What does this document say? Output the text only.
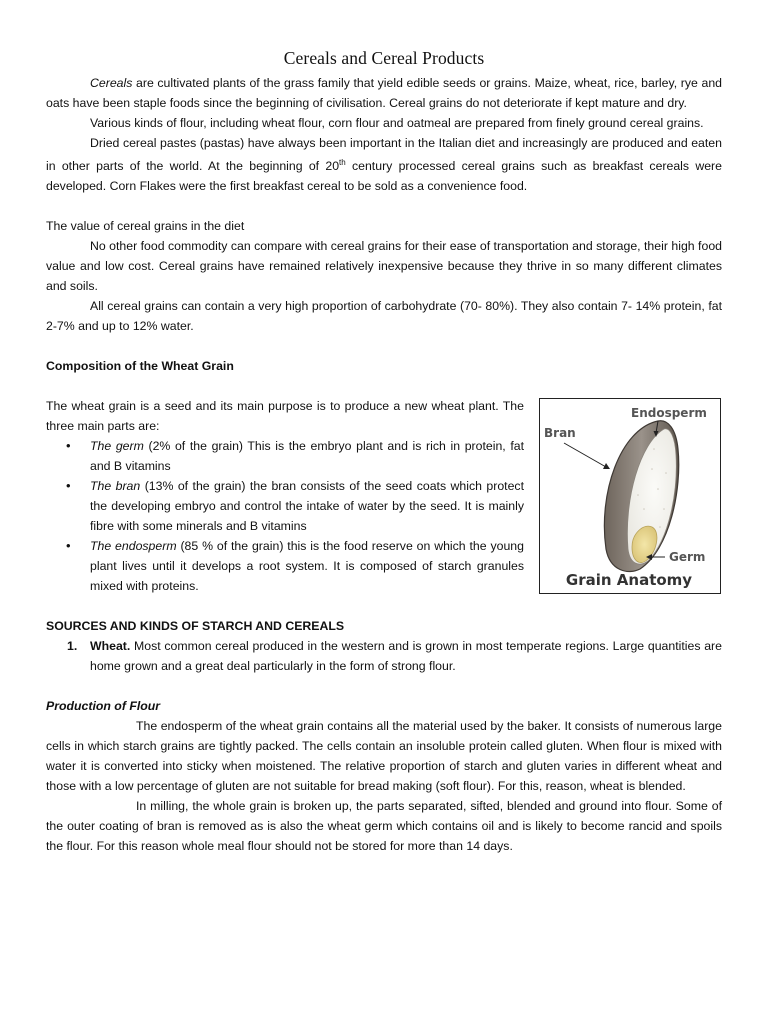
Cereals and Cereal Products

Cereals are cultivated plants of the grass family that yield edible seeds or grains. Maize, wheat, rice, barley, rye and oats have been staple foods since the beginning of civilisation. Cereal grains do not deteriorate if kept mature and dry.

Various kinds of flour, including wheat flour, corn flour and oatmeal are prepared from finely ground cereal grains.

Dried cereal pastes (pastas) have always been important in the Italian diet and increasingly are produced and eaten in other parts of the world. At the beginning of 20th century processed cereal grains such as breakfast cereals were developed. Corn Flakes were the first breakfast cereal to be sold as a convenience food.

The value of cereal grains in the diet

No other food commodity can compare with cereal grains for their ease of transportation and storage, their high food value and low cost. Cereal grains have remained relatively inexpensive because they thrive in so many different climates and soils.

All cereal grains can contain a very high proportion of carbohydrate (70- 80%). They also contain 7- 14% protein, fat 2-7% and up to 12% water.

Composition of the Wheat Grain

The wheat grain is a seed and its main purpose is to produce a new wheat plant. The three main parts are:

• The germ (2% of the grain) This is the embryo plant and is rich in protein, fat and B vitamins
• The bran (13% of the grain) the bran consists of the seed coats which protect the developing embryo and control the intake of water by the seed. It is mainly fibre with some minerals and B vitamins
• The endosperm (85 % of the grain) this is the food reserve on which the young plant lives until it develops a root system. It is composed of starch granules mixed with proteins.
Endosperm
Bran
Germ
Grain Anatomy

SOURCES AND KINDS OF STARCH AND CEREALS

1. Wheat. Most common cereal produced in the western and is grown in most temperate regions. Large quantities are home grown and a great deal particularly in the form of strong flour.

Production of Flour

The endosperm of the wheat grain contains all the material used by the baker. It consists of numerous large cells in which starch grains are tightly packed. The cells contain an insoluble protein called gluten. When flour is mixed with water it is converted into sticky when moistened. The relative proportion of starch and gluten varies in different wheat and those with a low percentage of gluten are not suitable for bread making (soft flour). For this, reason, wheat is blended.

In milling, the whole grain is broken up, the parts separated, sifted, blended and ground into flour. Some of the outer coating of bran is removed as is also the wheat germ which contains oil and is likely to become rancid and spoils the flour. For this reason whole meal flour should not be stored for more than 14 days.
